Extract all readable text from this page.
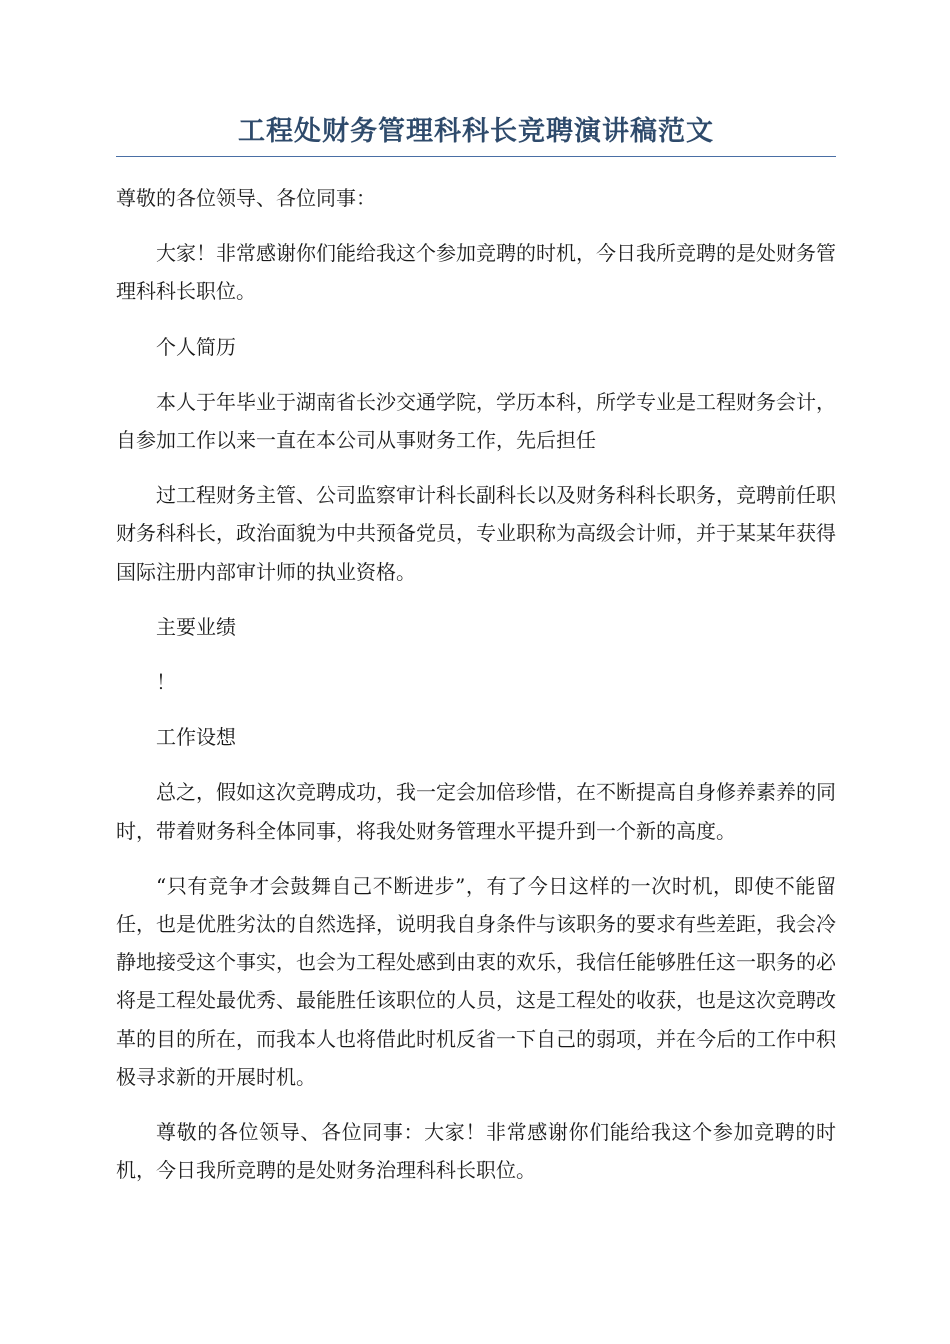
工程处财务管理科科长竞聘演讲稿范文

尊敬的各位领导、各位同事：

大家！非常感谢你们能给我这个参加竞聘的时机，今日我所竞聘的是处财务管理科科长职位。

个人简历

本人于年毕业于湖南省长沙交通学院，学历本科，所学专业是工程财务会计，自参加工作以来一直在本公司从事财务工作，先后担任

过工程财务主管、公司监察审计科长副科长以及财务科科长职务，竞聘前任职财务科科长，政治面貌为中共预备党员，专业职称为高级会计师，并于某某年获得国际注册内部审计师的执业资格。

主要业绩

！

工作设想

总之，假如这次竞聘成功，我一定会加倍珍惜，在不断提高自身修养素养的同时，带着财务科全体同事，将我处财务管理水平提升到一个新的高度。

“只有竞争才会鼓舞自己不断进步”，有了今日这样的一次时机，即使不能留任，也是优胜劣汰的自然选择，说明我自身条件与该职务的要求有些差距，我会冷静地接受这个事实，也会为工程处感到由衷的欢乐，我信任能够胜任这一职务的必将是工程处最优秀、最能胜任该职位的人员，这是工程处的收获，也是这次竞聘改革的目的所在，而我本人也将借此时机反省一下自己的弱项，并在今后的工作中积极寻求新的开展时机。

尊敬的各位领导、各位同事：大家！非常感谢你们能给我这个参加竞聘的时机，今日我所竞聘的是处财务治理科科长职位。
